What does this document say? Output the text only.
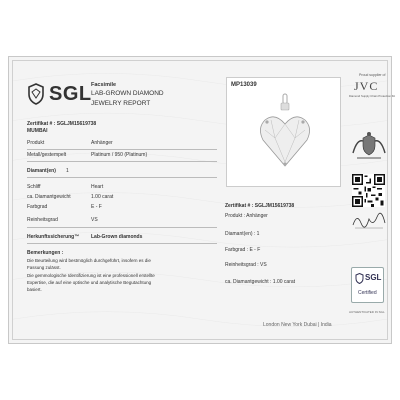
SGL Facsimile
LAB-GROWN DIAMOND
JEWELRY REPORT
Zertifikat # : SGLJM15619738
MUMBAI
Produkt	Anhänger
Metall/gestempelt	Platinum / 950 (Platinum)
Diamant(en) 1
Schliff	Heart
ca. Diamantgewicht	1.00 carat
Farbgrad	E - F
Reinheitsgrad	VS
Herkunftssicherung™ Lab-Grown diamonds
Bemerkungen :
Die Beurteilung wird bestmöglich durchgeführt, insofern es die
Fassung zulässt.
Die gemmologische Identifizierung ist eine professionell erstellte
Expertise, die auf eine optische und analytische Begutachtung
basiert.
MP13039
Zertifikat # : SGLJM15619738
Produkt : Anhänger
Diamant(en) : 1
Farbgrad : E - F
Reinheitsgrad : VS
ca. Diamantgewicht : 1.00 carat
Proud supplier of
JVC
Diamond Supply Chain Protection Kit
SGL
Certified
London New York Dubai | India
AUTHENTICATED IN SGL
